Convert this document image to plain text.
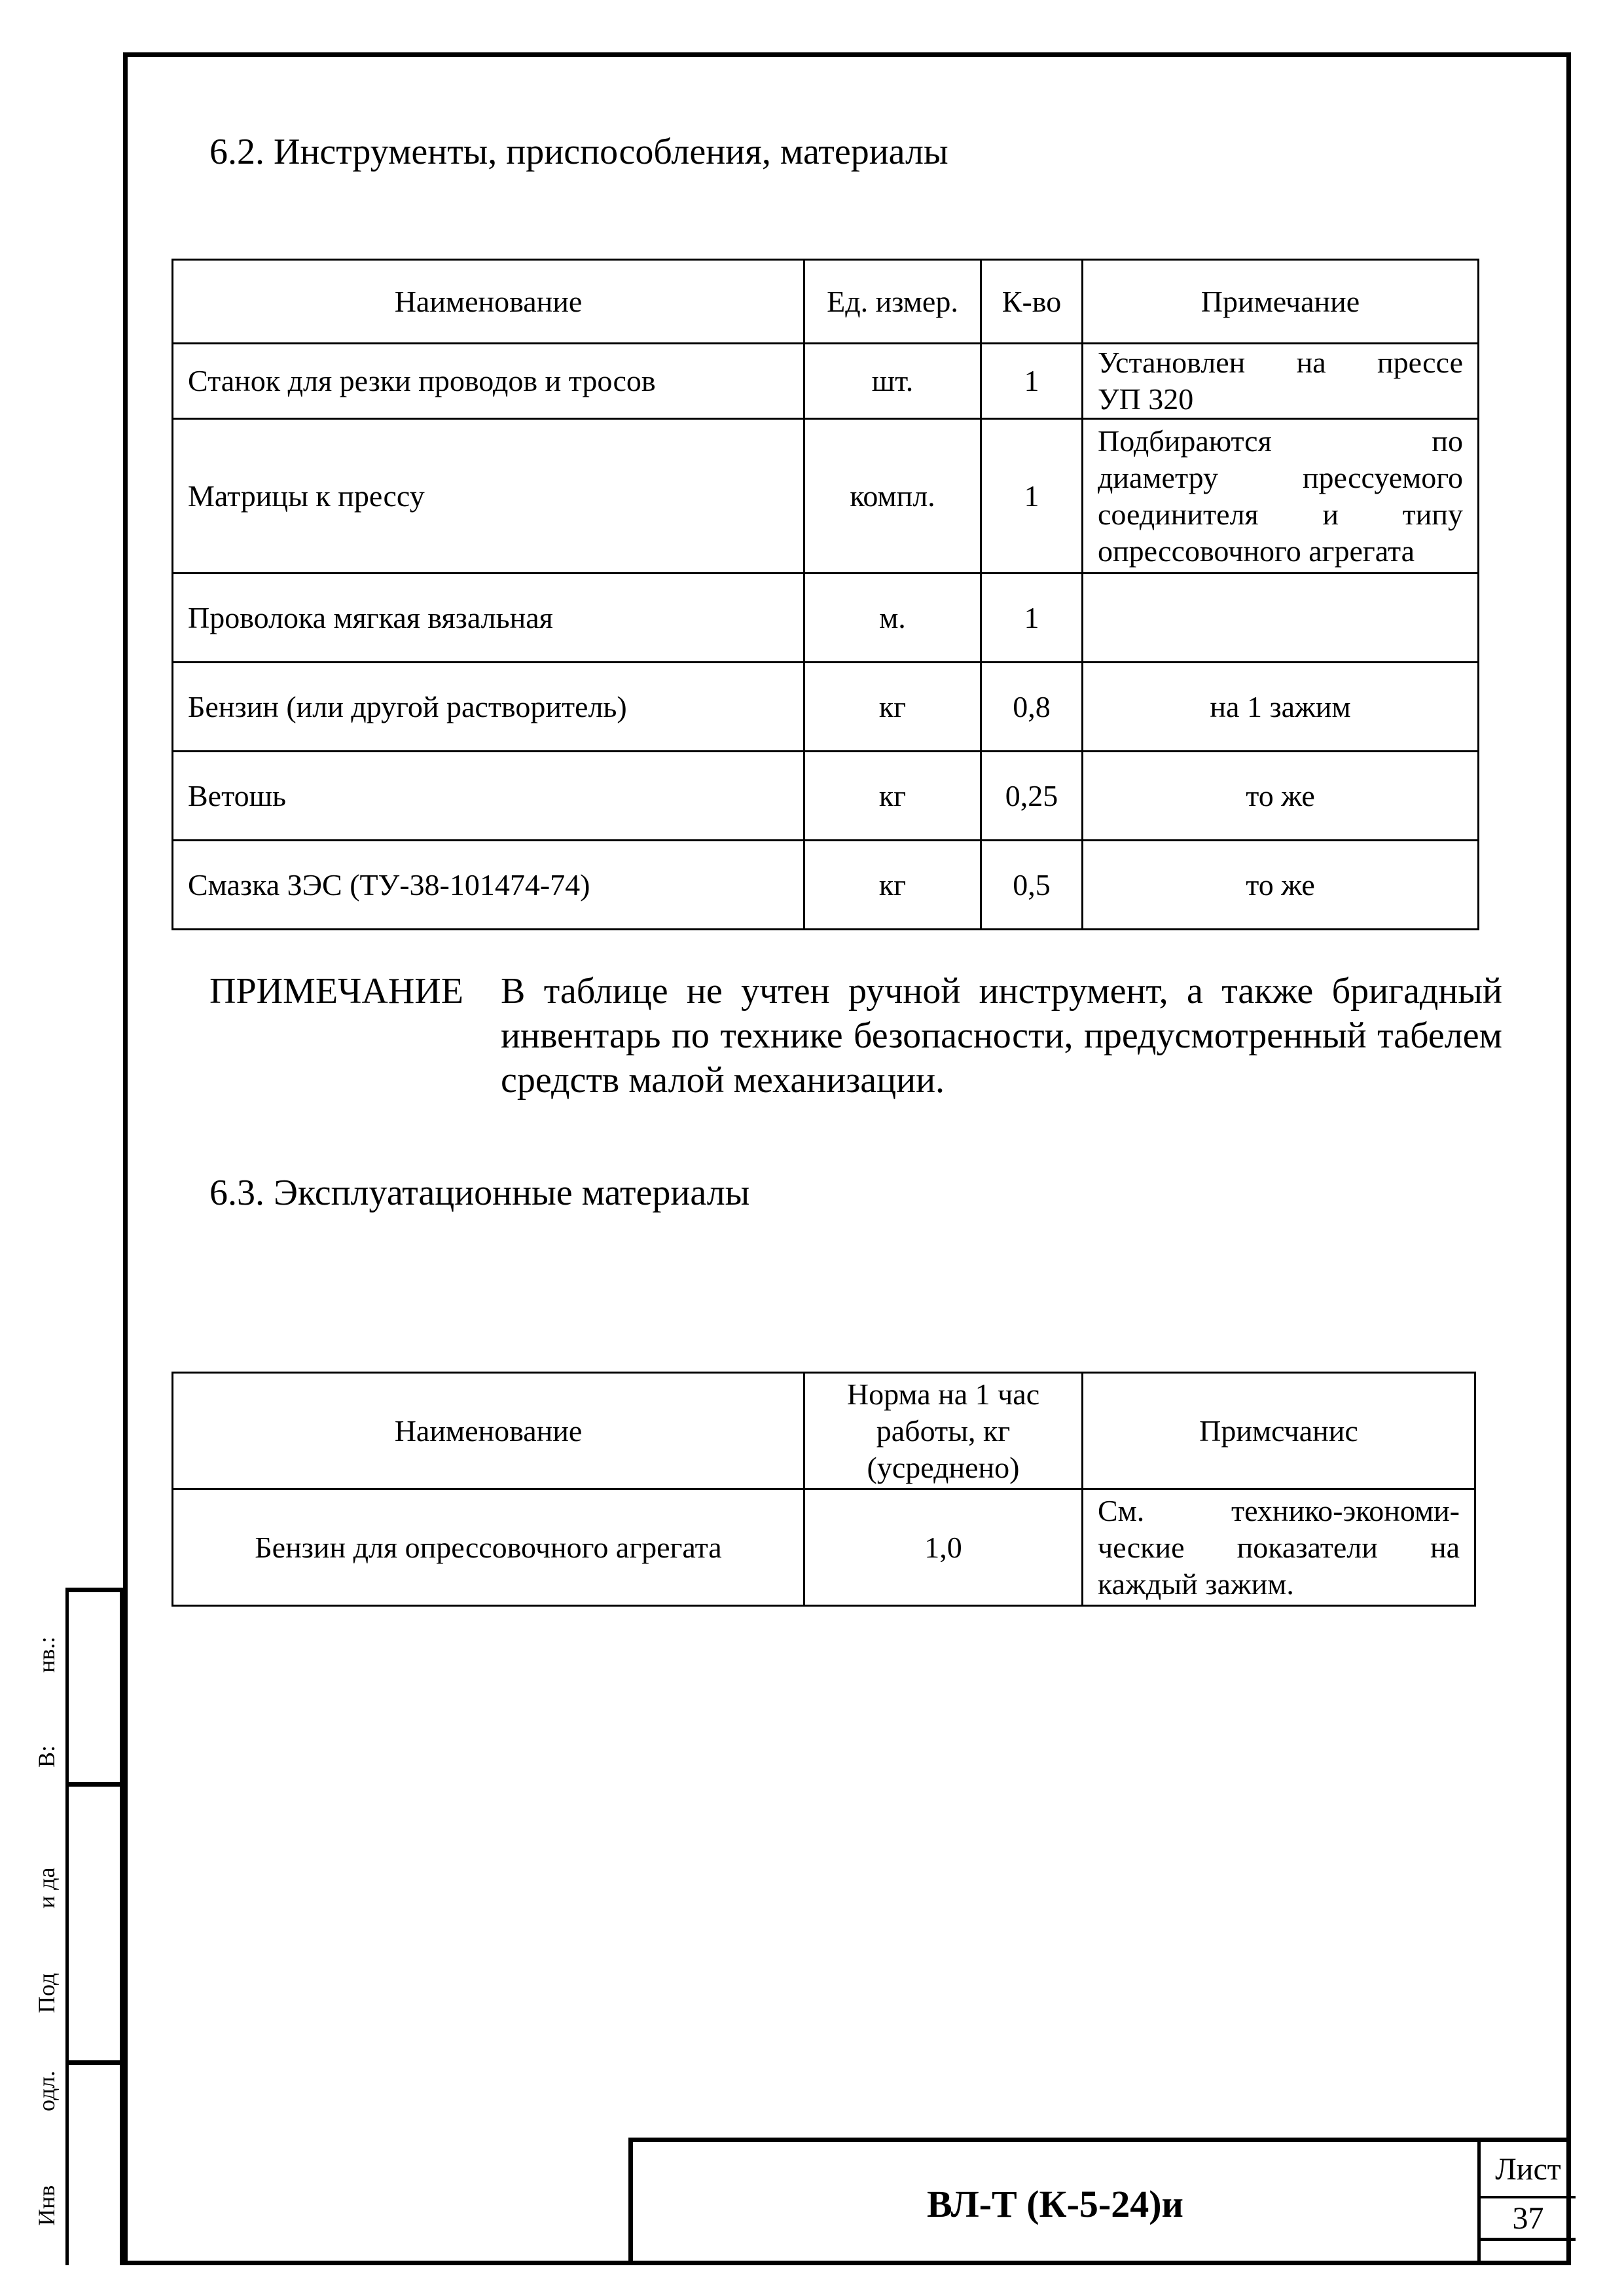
6.2. Инструменты, приспособления, материалы
Наименование	Ед. измер.	К-во	Примечание
Станок для резки проводов и тросов	шт.	1	Установлен на прессе
УП 320

Матрицы к прессу	компл.	1	Подбираются по
диаметру прессуемого
соединителя и типу
опрессовочного агрегата

Проволока мягкая вязальная	м.	1	
Бензин (или другой растворитель)	кг	0,8	на 1 зажим
Ветошь	кг	0,25	то же
Смазка ЗЭС (ТУ-38-101474-74)	кг	0,5	то же
ПРИМЕЧАНИЕ В таблице не учтен ручной инструмент, а также бригадный инвентарь по технике безопасности, предусмотренный табелем средств малой механизации.
6.3. Эксплуатационные материалы
Наименование	Норма на 1 час работы, кг (усреднено)	Примсчанис
Бензин для опрессовочного агрегата	1,0	См. технико-экономи-
ческие показатели на
каждый зажим.
Инв
одл.
Под
и да
В:
нв.:
ВЛ-Т (К-5-24)и
Лист
37
